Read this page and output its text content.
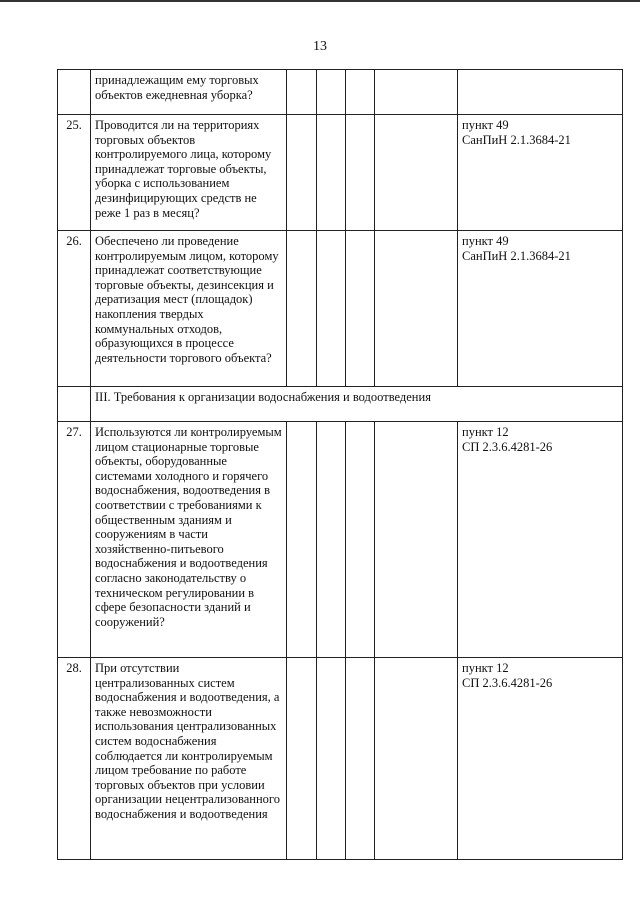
13
	принадлежащим ему торговых объектов ежедневная уборка?					
25.	Проводится ли на территориях торговых объектов контролируемого лица, которому принадлежат торговые объекты, уборка с использованием дезинфицирующих средств не реже 1 раз в месяц?					пункт 49
СанПиН 2.1.3684-21

26.	Обеспечено ли проведение контролируемым лицом, которому принадлежат соответствующие торговые объекты, дезинсекция и дератизация мест (площадок) накопления твердых коммунальных отходов, образующихся в процессе деятельности торгового объекта?					пункт 49
СанПиН 2.1.3684-21

	III. Требования к организации водоснабжения и водоотведения					
27.	Используются ли контролируемым лицом стационарные торговые объекты, оборудованные системами холодного и горячего водоснабжения, водоотведения в соответствии с требованиями к общественным зданиям и сооружениям в части хозяйственно-питьевого водоснабжения и водоотведения согласно законодательству о техническом регулировании в сфере безопасности зданий и сооружений?					пункт 12
СП 2.3.6.4281-26

28.	При отсутствии централизованных систем водоснабжения и водоотведения, а также невозможности использования централизованных систем водоснабжения соблюдается ли контролируемым лицом требование по работе торговых объектов при условии организации нецентрализованного водоснабжения и водоотведения					пункт 12
СП 2.3.6.4281-26
